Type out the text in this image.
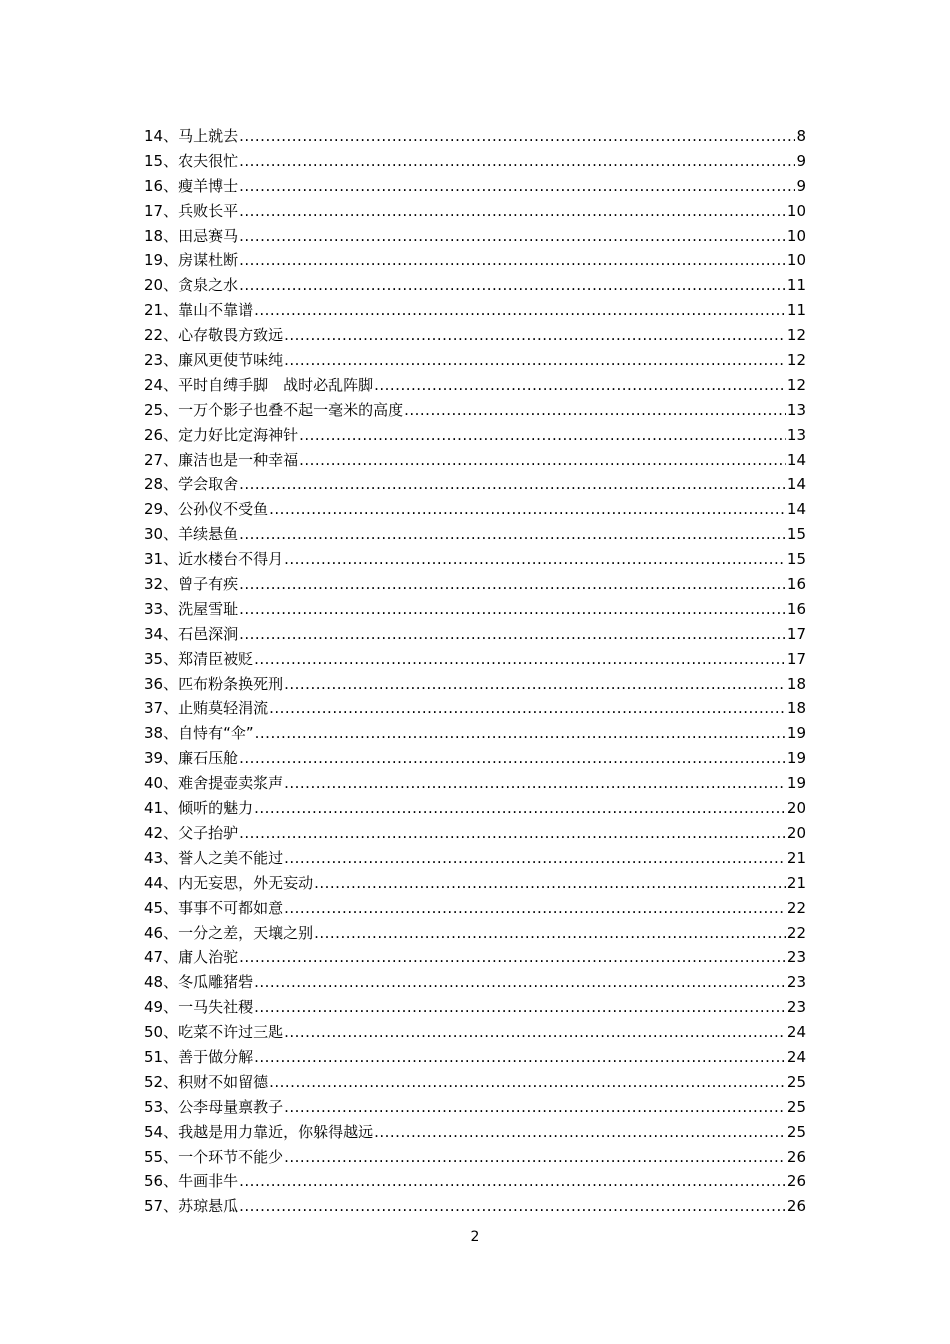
14、 马上就去 .....	8
15、 农夫很忙 .....	9
16、 瘦羊博士 .....	9
17、 兵败长平 .....	10
18、 田忌赛马 .....	10
19、 房谋杜断 .....	10
20、 贪泉之水 .....	11
21、 靠山不靠谱 .....	11
22、 心存敬畏方致远 .....	12
23、 廉风更使节味纯 .....	12
24、 平时自缚手脚　战时必乱阵脚 .....	12
25、 一万个影子也叠不起一毫米的高度 .....	13
26、 定力好比定海神针 .....	13
27、 廉洁也是一种幸福 .....	14
28、 学会取舍 .....	14
29、 公孙仪不受鱼 .....	14
30、 羊续悬鱼 .....	15
31、 近水楼台不得月 .....	15
32、 曾子有疾 .....	16
33、 洗屋雪耻 .....	16
34、 石邑深涧 .....	17
35、 郑清臣被贬 .....	17
36、 匹布粉条换死刑 .....	18
37、 止贿莫轻涓流 .....	18
38、 自恃有“伞” .....	19
39、 廉石压舱 .....	19
40、 难舍提壶卖浆声 .....	19
41、 倾听的魅力 .....	20
42、 父子抬驴 .....	20
43、 誉人之美不能过 .....	21
44、 内无妄思，外无妄动 .....	21
45、 事事不可都如意 .....	22
46、 一分之差，天壤之别 .....	22
47、 庸人治驼 .....	23
48、 冬瓜雕猪砦 .....	23
49、 一马失社稷 .....	23
50、 吃菜不许过三匙 .....	24
51、 善于做分解 .....	24
52、 积财不如留德 .....	25
53、 公李母量禀教子 .....	25
54、 我越是用力靠近，你躲得越远 .....	25
55、 一个环节不能少 .....	26
56、 牛画非牛 .....	26
57、 苏琼悬瓜 .....	26
2
